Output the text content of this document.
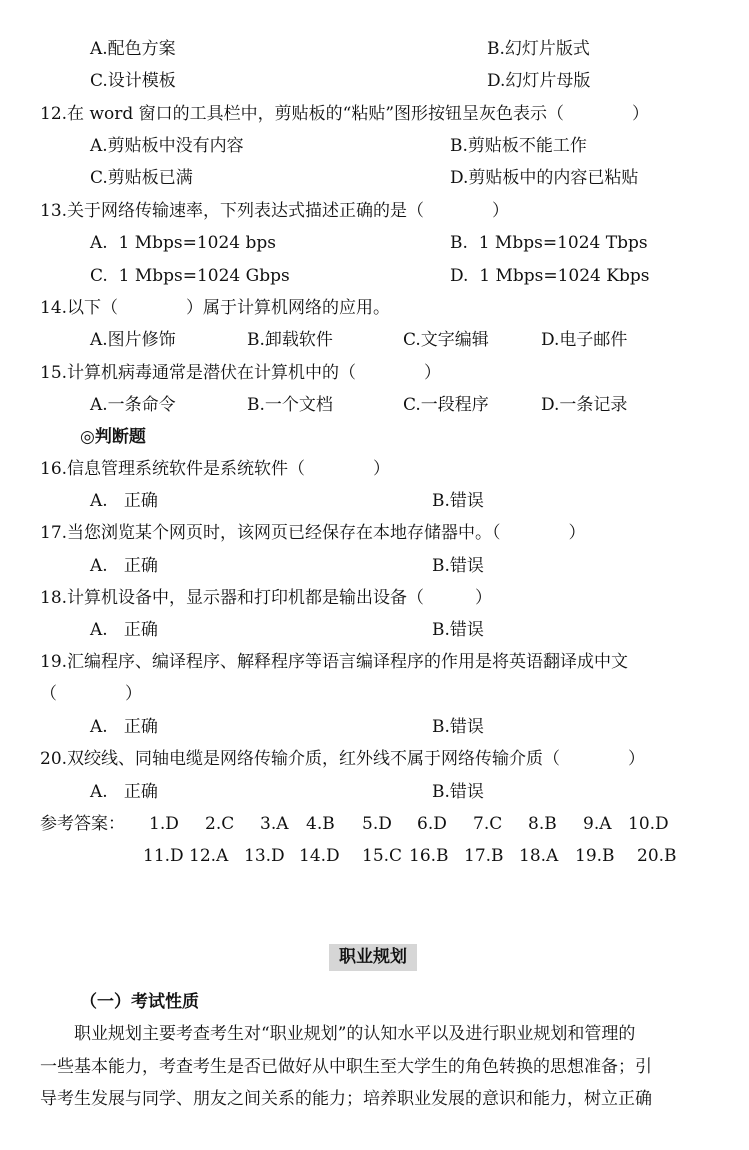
A.配色方案	B.幻灯片版式
C.设计模板	D.幻灯片母版
12.在 word 窗口的工具栏中，剪贴板的“粘贴”图形按钮呈灰色表示（　　　　）
A.剪贴板中没有内容	B.剪贴板不能工作
C.剪贴板已满	D.剪贴板中的内容已粘贴
13.关于网络传输速率，下列表达式描述正确的是（　　　　）
A.  1 Mbps=1024 bps	B.  1 Mbps=1024 Tbps
C.  1 Mbps=1024 Gbps	D.  1 Mbps=1024 Kbps
14.以下（　　　　）属于计算机网络的应用。
A.图片修饰	B.卸载软件	C.文字编辑	D.电子邮件
15.计算机病毒通常是潜伏在计算机中的（　　　　）
A.一条命令	B.一个文档	C.一段程序	D.一条记录
◎判断题
16.信息管理系统软件是系统软件（　　　　）
A.   正确	B.错误
17.当您浏览某个网页时，该网页已经保存在本地存储器中。（　　　　）
A.   正确	B.错误
18.计算机设备中，显示器和打印机都是输出设备（　　　）
A.   正确	B.错误
19.汇编程序、编译程序、解释程序等语言编译程序的作用是将英语翻译成中文
（　　　　）
A.   正确	B.错误
20.双绞线、同轴电缆是网络传输介质，红外线不属于网络传输介质（　　　　）
A.   正确	B.错误
参考答案： 1.D 2.C 3.A 4.B 5.D 6.D 7.C 8.B 9.A 10.D
11.D 12.A 13.D 14.D 15.C 16.B 17.B 18.A 19.B 20.B
职业规划
（一）考试性质
　　职业规划主要考查考生对“职业规划”的认知水平以及进行职业规划和管理的
一些基本能力，考查考生是否已做好从中职生至大学生的角色转换的思想准备；引
导考生发展与同学、朋友之间关系的能力；培养职业发展的意识和能力，树立正确
